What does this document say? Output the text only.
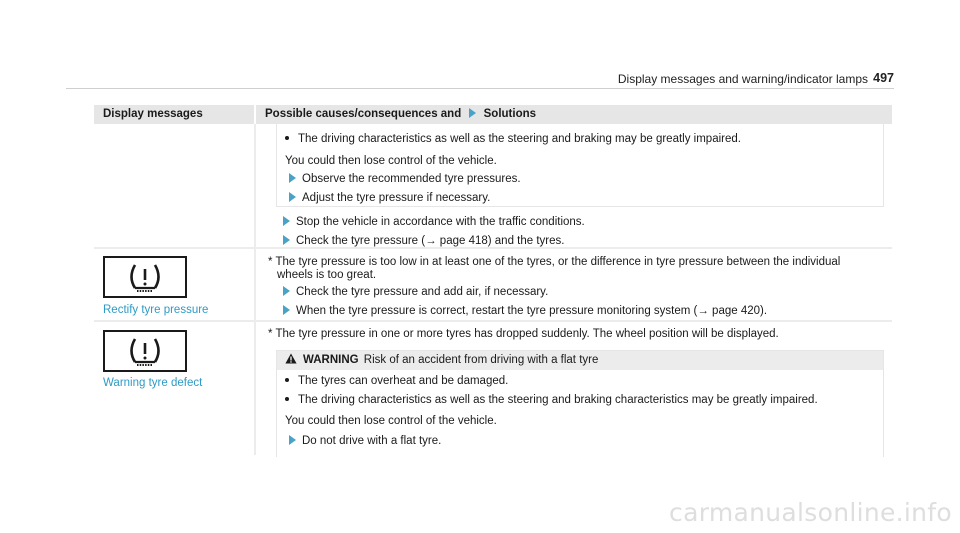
Display messages and warning/indicator lamps 497
Display messages	Possible causes/consequences and Solutions
The driving characteristics as well as the steering and braking may be greatly impaired.
You could then lose control of the vehicle.
Observe the recommended tyre pressures.
Adjust the tyre pressure if necessary.
Stop the vehicle in accordance with the traffic conditions.
Check the tyre pressure (→ page 418) and the tyres.
Rectify tyre pressure
* The tyre pressure is too low in at least one of the tyres, or the difference in tyre pressure between the individual
wheels is too great.
Check the tyre pressure and add air, if necessary.
When the tyre pressure is correct, restart the tyre pressure monitoring system (→ page 420).
Warning tyre defect
* The tyre pressure in one or more tyres has dropped suddenly. The wheel position will be displayed.
WARNING Risk of an accident from driving with a flat tyre
The tyres can overheat and be damaged.
The driving characteristics as well as the steering and braking characteristics may be greatly impaired.
You could then lose control of the vehicle.
Do not drive with a flat tyre.
carmanualsonline.info
